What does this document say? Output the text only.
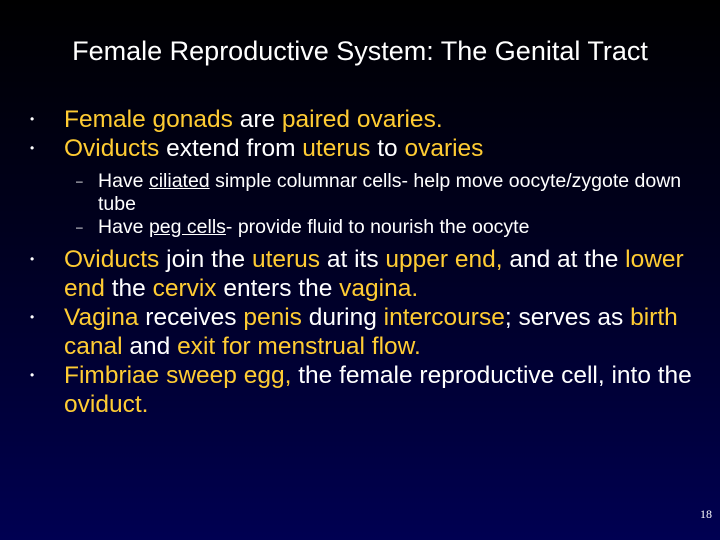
Female Reproductive System: The Genital Tract
• Female gonads are paired ovaries.
• Oviducts extend from uterus to ovaries
– Have ciliated simple columnar cells- help move oocyte/zygote down tube
– Have peg cells- provide fluid to nourish the oocyte
• Oviducts join the uterus at its upper end, and at the lower end the cervix enters the vagina.
• Vagina receives penis during intercourse; serves as birth canal and exit for menstrual flow.
• Fimbriae sweep egg, the female reproductive cell, into the oviduct.
18
